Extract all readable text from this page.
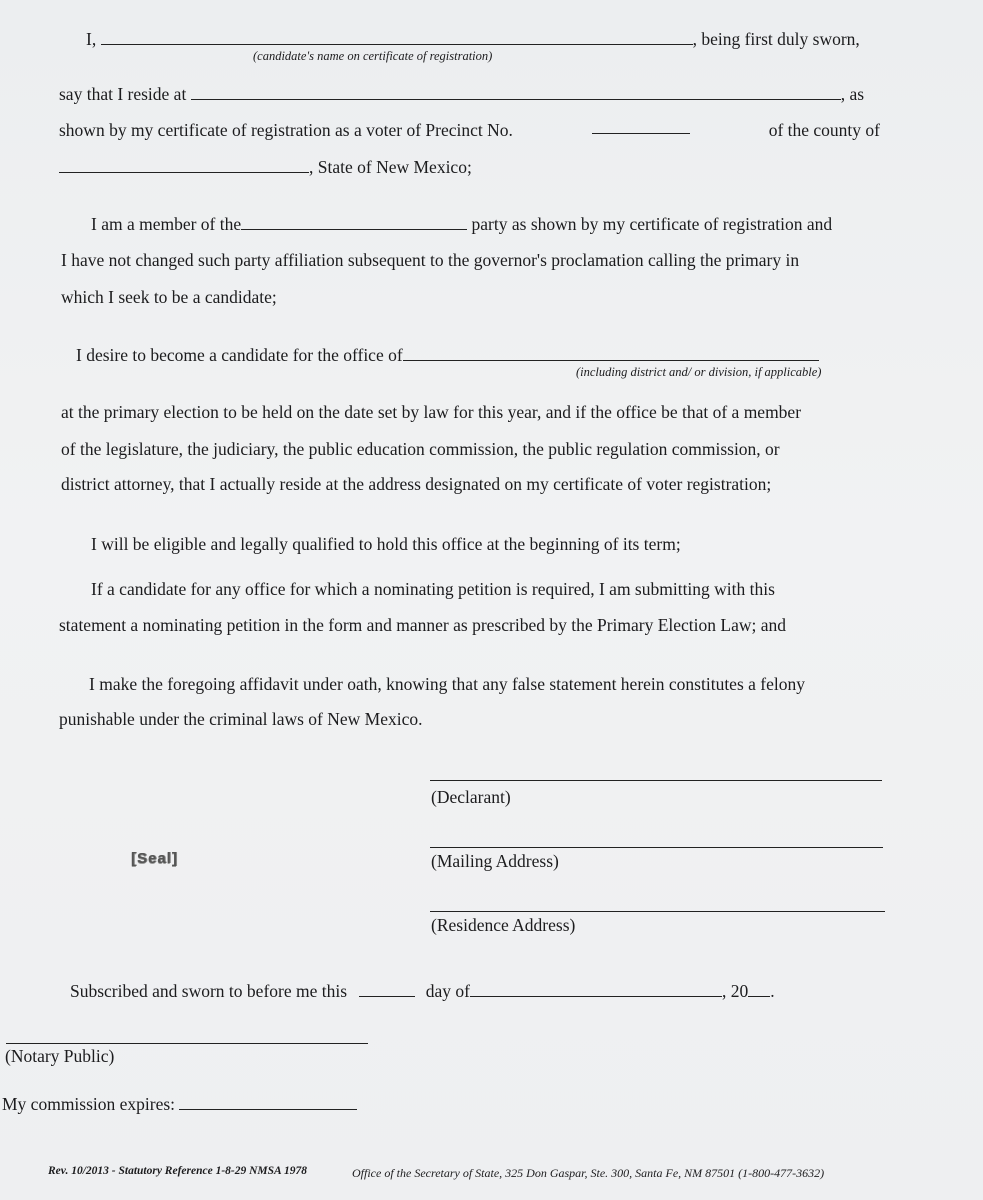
I,	, being first duly sworn,
(candidate's name on certificate of registration)
say that I reside at	, as
shown by my certificate of registration as a voter of Precinct No.	of the county of
, State of New Mexico;
I am a member of the	party as shown by my certificate of registration and
I have not changed such party affiliation subsequent to the governor's proclamation calling the primary in
which I seek to be a candidate;
I desire to become a candidate for the office of
(including district and/ or division, if applicable)
at the primary election to be held on the date set by law for this year, and if the office be that of a member
of the legislature, the judiciary, the public education commission, the public regulation commission, or
district attorney, that I actually reside at the address designated on my certificate of voter registration;
I will be eligible and legally qualified to hold this office at the beginning of its term;
If a candidate for any office for which a nominating petition is required, I am submitting with this
statement a nominating petition in the form and manner as prescribed by the Primary Election Law; and
I make the foregoing affidavit under oath, knowing that any false statement herein constitutes a felony
punishable under the criminal laws of New Mexico.
(Declarant)
(Mailing Address)
[Seal]
(Residence Address)
Subscribed and sworn to before me this	day of	, 20 .
(Notary Public)
My commission expires:
Rev. 10/2013 - Statutory Reference 1-8-29 NMSA 1978	Office of the Secretary of State, 325 Don Gaspar, Ste. 300, Santa Fe, NM 87501 (1-800-477-3632)
